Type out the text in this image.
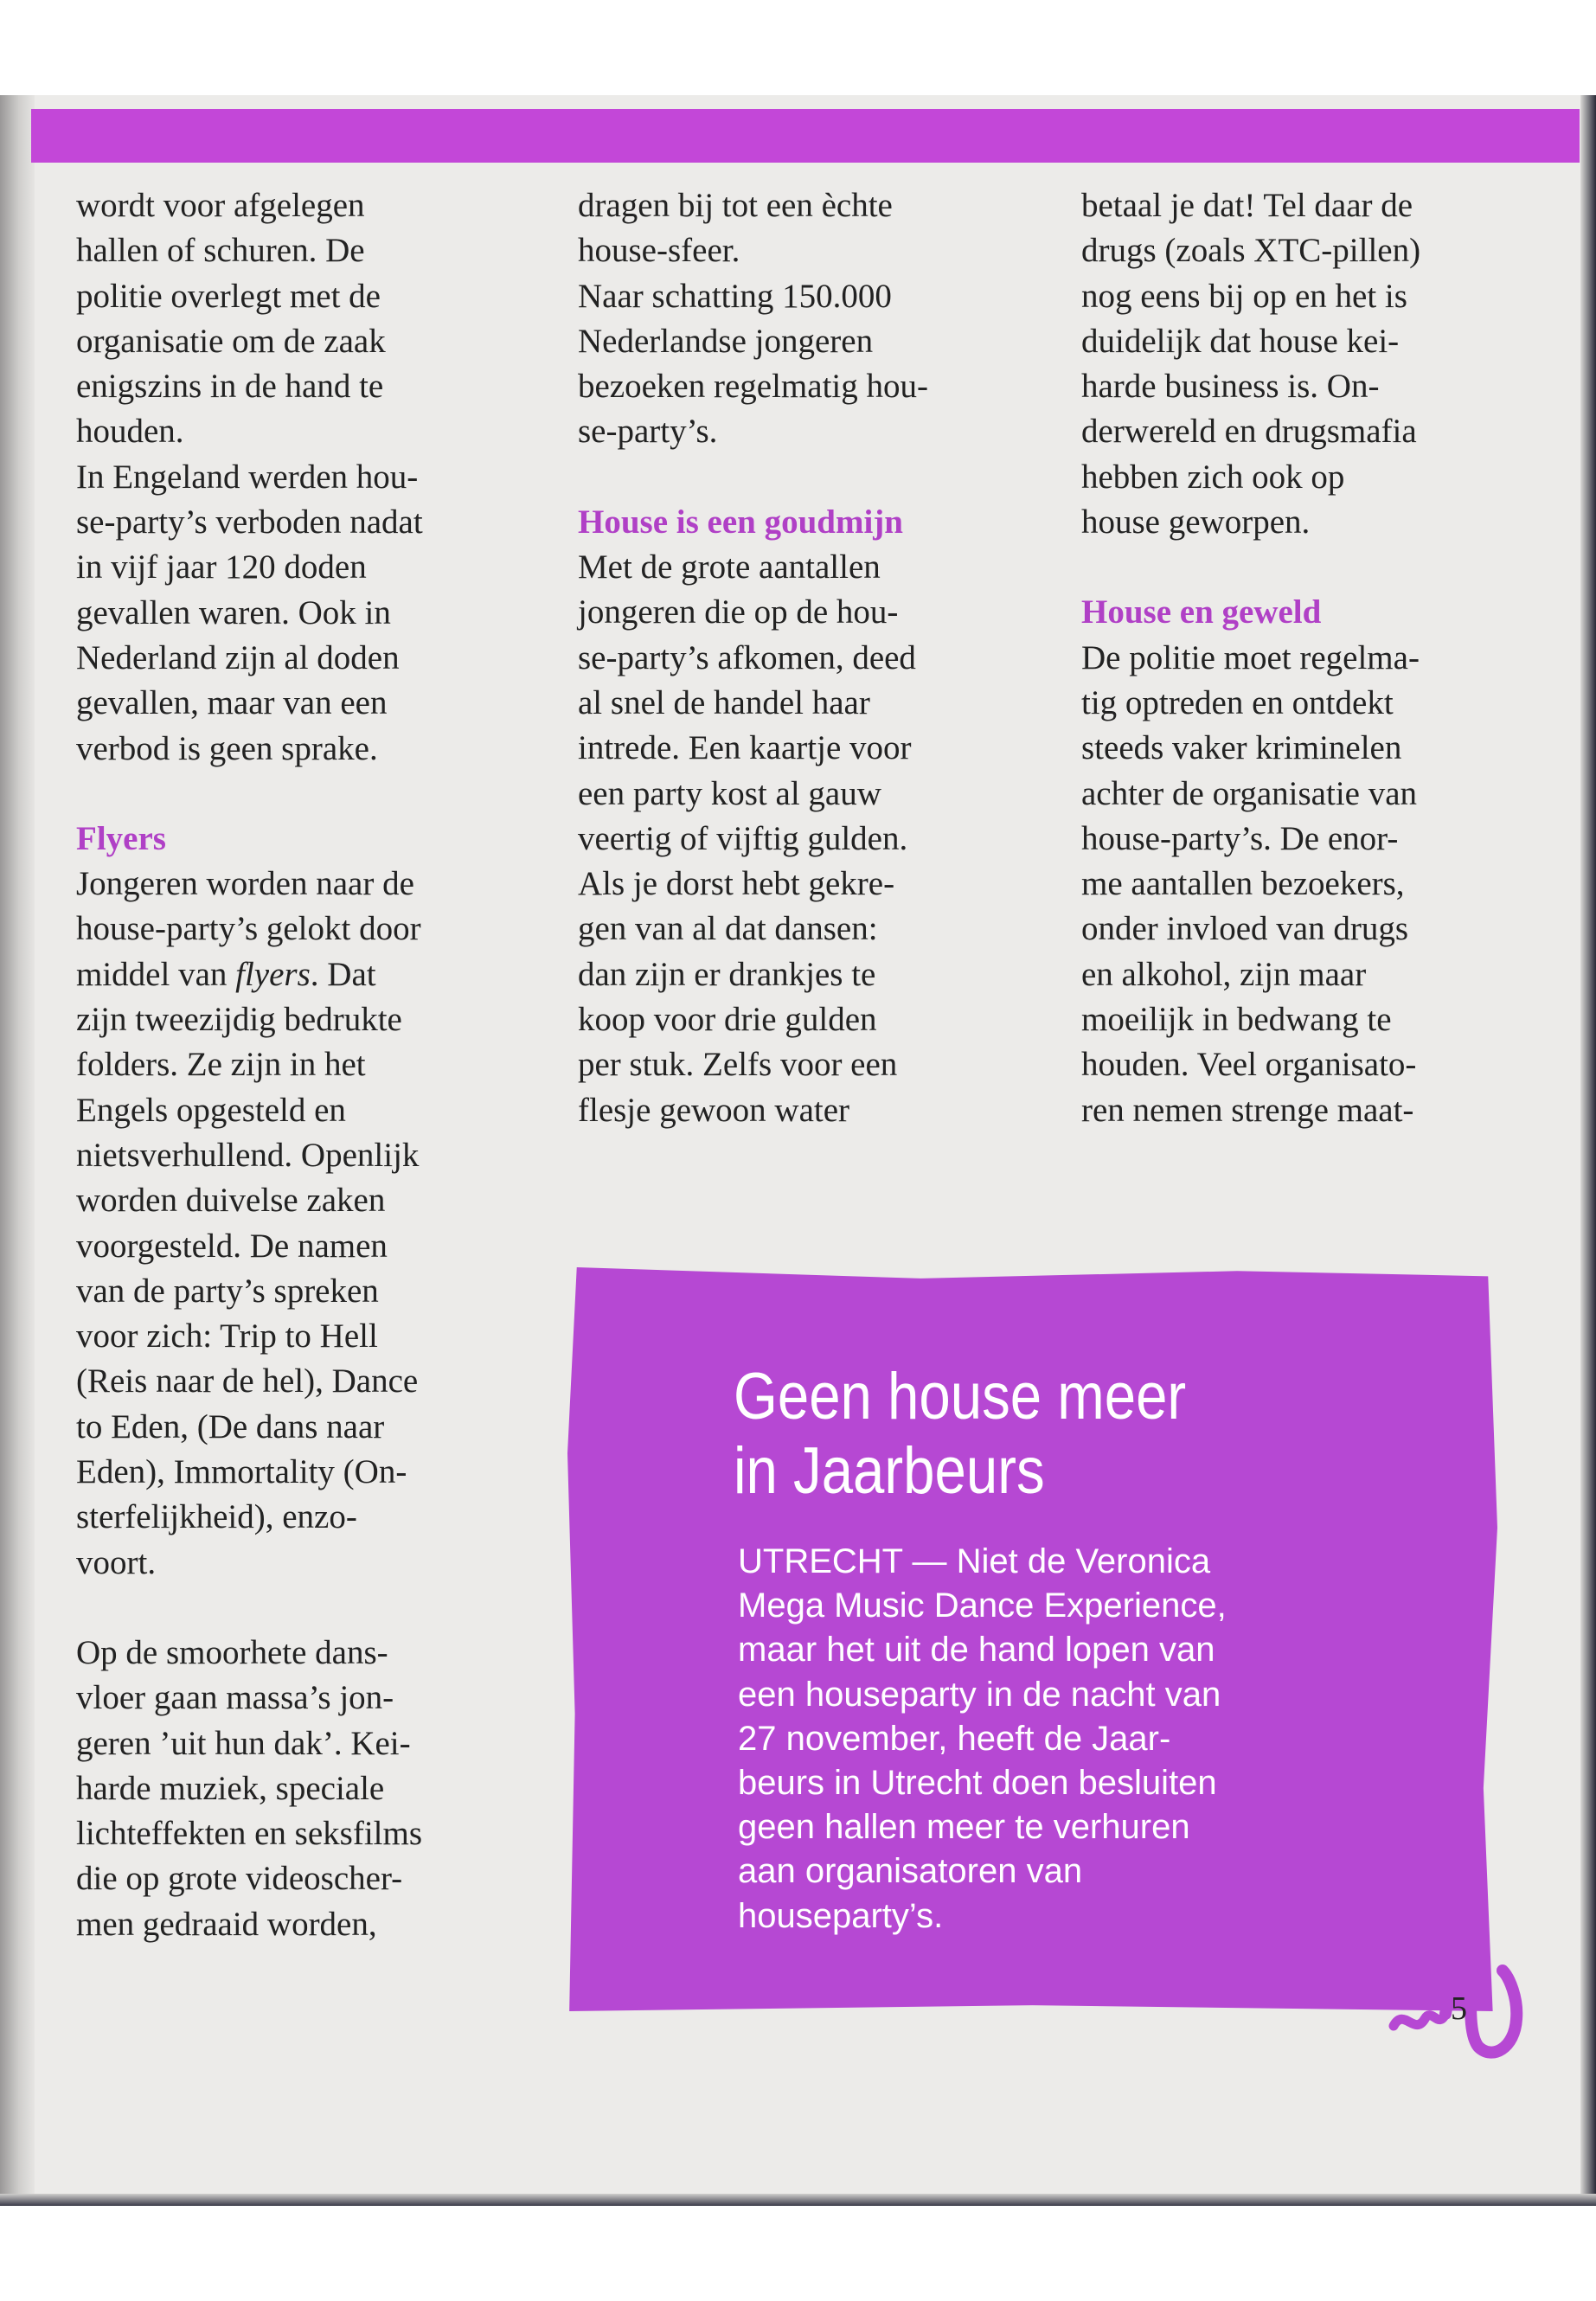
wordt voor afgelegen
hallen of schuren. De
politie overlegt met de
organisatie om de zaak
enigszins in de hand te
houden.
In Engeland werden hou-
se-party’s verboden nadat
in vijf jaar 120 doden
gevallen waren. Ook in
Nederland zijn al doden
gevallen, maar van een
verbod is geen sprake.

Flyers

Jongeren worden naar de

house-party’s gelokt door

middel van flyers. Dat

zijn tweezijdig bedrukte
folders. Ze zijn in het
Engels opgesteld en
nietsverhullend. Openlijk
worden duivelse zaken
voorgesteld. De namen
van de party’s spreken
voor zich: Trip to Hell
(Reis naar de hel), Dance
to Eden, (De dans naar
Eden), Immortality (On-
sterfelijkheid), enzo-
voort.
Op de smoorhete dans-
vloer gaan massa’s jon-
geren ’uit hun dak’. Kei-
harde muziek, speciale
lichteffekten en seksfilms
die op grote videoscher-
men gedraaid worden,
dragen bij tot een èchte
house-sfeer.
Naar schatting 150.000
Nederlandse jongeren
bezoeken regelmatig hou-
se-party’s.

House is een goudmijn

Met de grote aantallen
jongeren die op de hou-
se-party’s afkomen, deed
al snel de handel haar
intrede. Een kaartje voor
een party kost al gauw
veertig of vijftig gulden.
Als je dorst hebt gekre-
gen van al dat dansen:
dan zijn er drankjes te
koop voor drie gulden
per stuk. Zelfs voor een
flesje gewoon water
betaal je dat! Tel daar de
drugs (zoals XTC-pillen)
nog eens bij op en het is
duidelijk dat house kei-
harde business is. On-
derwereld en drugsmafia
hebben zich ook op
house geworpen.

House en geweld

De politie moet regelma-
tig optreden en ontdekt
steeds vaker kriminelen
achter de organisatie van
house-party’s. De enor-
me aantallen bezoekers,
onder invloed van drugs
en alkohol, zijn maar
moeilijk in bedwang te
houden. Veel organisato-
ren nemen strenge maat-
Geen house meer
in Jaarbeurs
UTRECHT — Niet de Veronica
Mega Music Dance Experience,
maar het uit de hand lopen van
een houseparty in de nacht van
27 november, heeft de Jaar-
beurs in Utrecht doen besluiten
geen hallen meer te verhuren
aan organisatoren van
houseparty’s.
5
